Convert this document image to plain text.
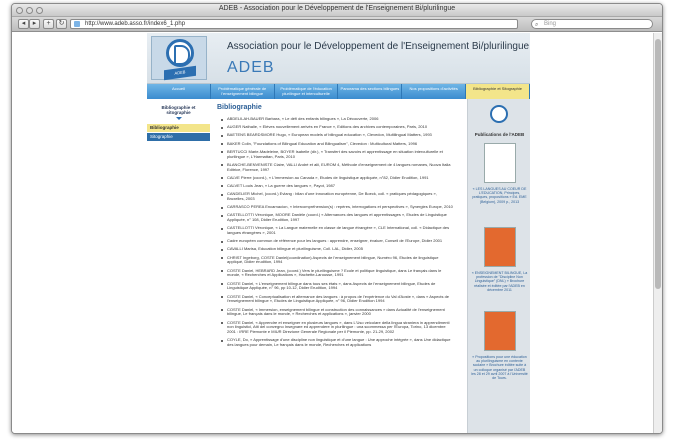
ADEB - Association pour le Développement de l'Enseignement Bi/plurilingue
◂	▸	+	↻	http://www.adeb.asso.fr/index6_1.php	⌕ Bing
ADEB
Association pour le Développement de l'Enseignement Bi/plurilingue
ADEB
Accueil	Problématique générale de l'enseignement bilingue
Problématique de l'éducation plurilingue et interculturelle
Panorama des sections bilingues	Nos propositions d'activités	Bibliographie et Sitographie
Bibliographie et sitographie
Bibliographie
Sitographie
Bibliographie
ABDELILAH-BAUER Barbara, « Le défi des enfants bilingues », La Découverte, 2006
AUGER Nathalie, « Elèves nouvellement arrivés en France », Editions des archives contemporaines, Paris, 2010
BAETENS BEARDSMORE Hugo, « European models of bilingual education », Clevedon, Multilingual Matters, 1993
BAKER Colin, "Foundations of Bilingual Education and Bilingualism", Clevedon : Multicultural Matters, 1996
BERTUCCI Marie-Madeleine, BOYER Isabelle (dir.), « Transfert des savoirs et apprentissage en situation interculturelle et plurilingue », L'Harmattan, Paris, 2010
BLANCHE-BENVENISTE Claire, VALLI André et alii, EUROM 4, Méthode d'enseignement de 4 langues romanes, Nuova Italia Editrice, Florence, 1997
CALVE Pierre (coord.), « L'immersion au Canada », Etudes de linguistique appliquée, n°82, Didier Erudition, 1991
CALVET Louis Jean, « La guerre des langues », Payot, 1987
CANDELIER Michel, (coord.) Evlang : bilan d'une innovation européenne, De Boeck, coll. « pratiques pédagogiques », Bruxelles, 2003
CARRASCO PEREA Encarnacion, « Intercompréhension(s) : repères, interrogations et perspectives », Synergies Europe, 2010
CASTELLOTTI Véronique, MOORE Danièle (coord.) « Alternances des langues et apprentissages », Etudes de Linguistique Appliquée, n° 108, Didier Erudition, 1997
CASTELLOTTI Véronique, « La Langue maternelle en classe de langue étrangère », CLE International, coll. « Didactique des langues étrangères », 2001
Cadre européen commun de référence pour les langues : apprendre, enseigner, évaluer, Conseil de l'Europe, Didier 2001
CAVALLI Marisa, Education bilingue et plurilinguisme, Coll. LAL, Didier, 2005
CHRIST Ingeborg, COSTE Daniel(coordination) Aspects de l'enseignement bilingue, Numéro 96, Etudes de linguistique appliqué, Didier érudition, 1994
COSTE Daniel, HEBRARD Jean, (coord.) Vers le plurilinguisme ? Ecole et politique linguistique, dans Le français dans le monde, « Recherches et Applications », Hachette-Larousse, 1991
COSTE Daniel, « L'enseignement bilingue dans tous ses états », dans Aspects de l'enseignement bilingue, Etudes de Linguistique Appliquée, n° 96, pp 10-12, Didier Erudition, 1994
COSTE Daniel, « Conceptualisation et alternance des langues : à propos de l'expérience du Val d'Aoste », dans « Aspects de l'enseignement bilingue », Etudes de Linguistique Appliquée, n° 96, Didier Erudition 1994
COSTE Daniel, « Immersion, enseignement bilingue et construction des connaissances » dans Actualité de l'enseignement bilingue, Le français dans le monde, « Recherches et applications », janvier 2000
COSTE Daniel, « Apprendre et enseigner en plusieurs langues », dans L'Uso veicolare della lingua straniera in apprendimenti non linguistici, Atti del convegno Insegnare ed apprendere in plurilingue : una scommessa per l'Europa, Torino, 13 dicembre 2001 : IRRE Piemonte e MIUR Direzione Generale Regionale per il Piemonte, pp. 21-29, 2002
COYLE, Do, « Apprentissage d'une discipline non linguistique et d'une langue : Une approche intégrée », dans Une didactique des langues pour demain, Le français dans le monde, Recherches et applications
Publications de l'ADEB
« LES LANGUES AU COEUR DE L'EDUCATION, Principes, pratiques, propositions » Ed. EME (Belgium), 2009 p., 2013
« ENSEIGNEMENT BILINGUE, La profession de "Discipline Non Linguistique" (DNL) » Brochure réalisée et éditée par l'ADEB en décembre 2011
« Propositions pour une éducation au plurilinguisme en contexte scolaire » Brochure éditée suite à un colloque organisé par l'ADEB les 28 et 29 avril 2007 à l'Université de Tours.
